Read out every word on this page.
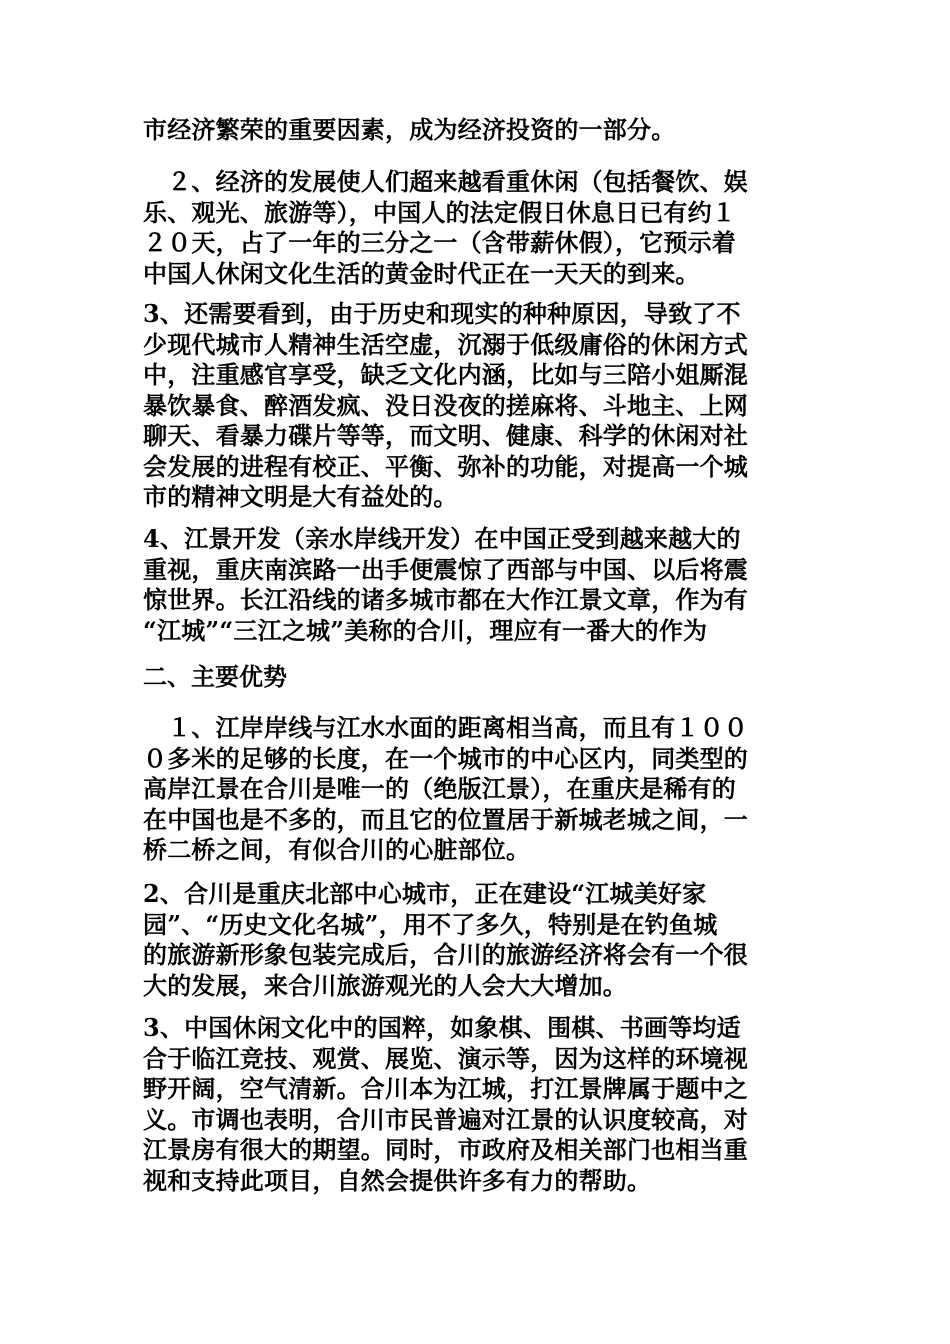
市经济繁荣的重要因素，成为经济投资的一部分。

　２、经济的发展使人们超来越看重休闲（包括餐饮、娱
乐、观光、旅游等），中国人的法定假日休息日已有约１
２０天，占了一年的三分之一（含带薪休假），它预示着
中国人休闲文化生活的黄金时代正在一天天的到来。

3、还需要看到，由于历史和现实的种种原因，导致了不
少现代城市人精神生活空虚，沉溺于低级庸俗的休闲方式
中，注重感官享受，缺乏文化内涵，比如与三陪小姐厮混
暴饮暴食、醉酒发疯、没日没夜的搓麻将、斗地主、上网
聊天、看暴力碟片等等，而文明、健康、科学的休闲对社
会发展的进程有校正、平衡、弥补的功能，对提高一个城
市的精神文明是大有益处的。

4、江景开发（亲水岸线开发）在中国正受到越来越大的
重视，重庆南滨路一出手便震惊了西部与中国、以后将震
惊世界。长江沿线的诸多城市都在大作江景文章，作为有
“江城”“三江之城”美称的合川，理应有一番大的作为

二、主要优势

　１、江岸岸线与江水水面的距离相当高，而且有１００
０多米的足够的长度，在一个城市的中心区内，同类型的
高岸江景在合川是唯一的（绝版江景），在重庆是稀有的
在中国也是不多的，而且它的位置居于新城老城之间，一
桥二桥之间，有似合川的心脏部位。

2、合川是重庆北部中心城市，正在建设“江城美好家
园”、“历史文化名城”，用不了多久，特别是在钓鱼城
的旅游新形象包装完成后，合川的旅游经济将会有一个很
大的发展，来合川旅游观光的人会大大增加。

3、中国休闲文化中的国粹，如象棋、围棋、书画等均适
合于临江竞技、观赏、展览、演示等，因为这样的环境视
野开阔，空气清新。合川本为江城，打江景牌属于题中之
义。市调也表明，合川市民普遍对江景的认识度较高，对
江景房有很大的期望。同时，市政府及相关部门也相当重
视和支持此项目，自然会提供许多有力的帮助。
